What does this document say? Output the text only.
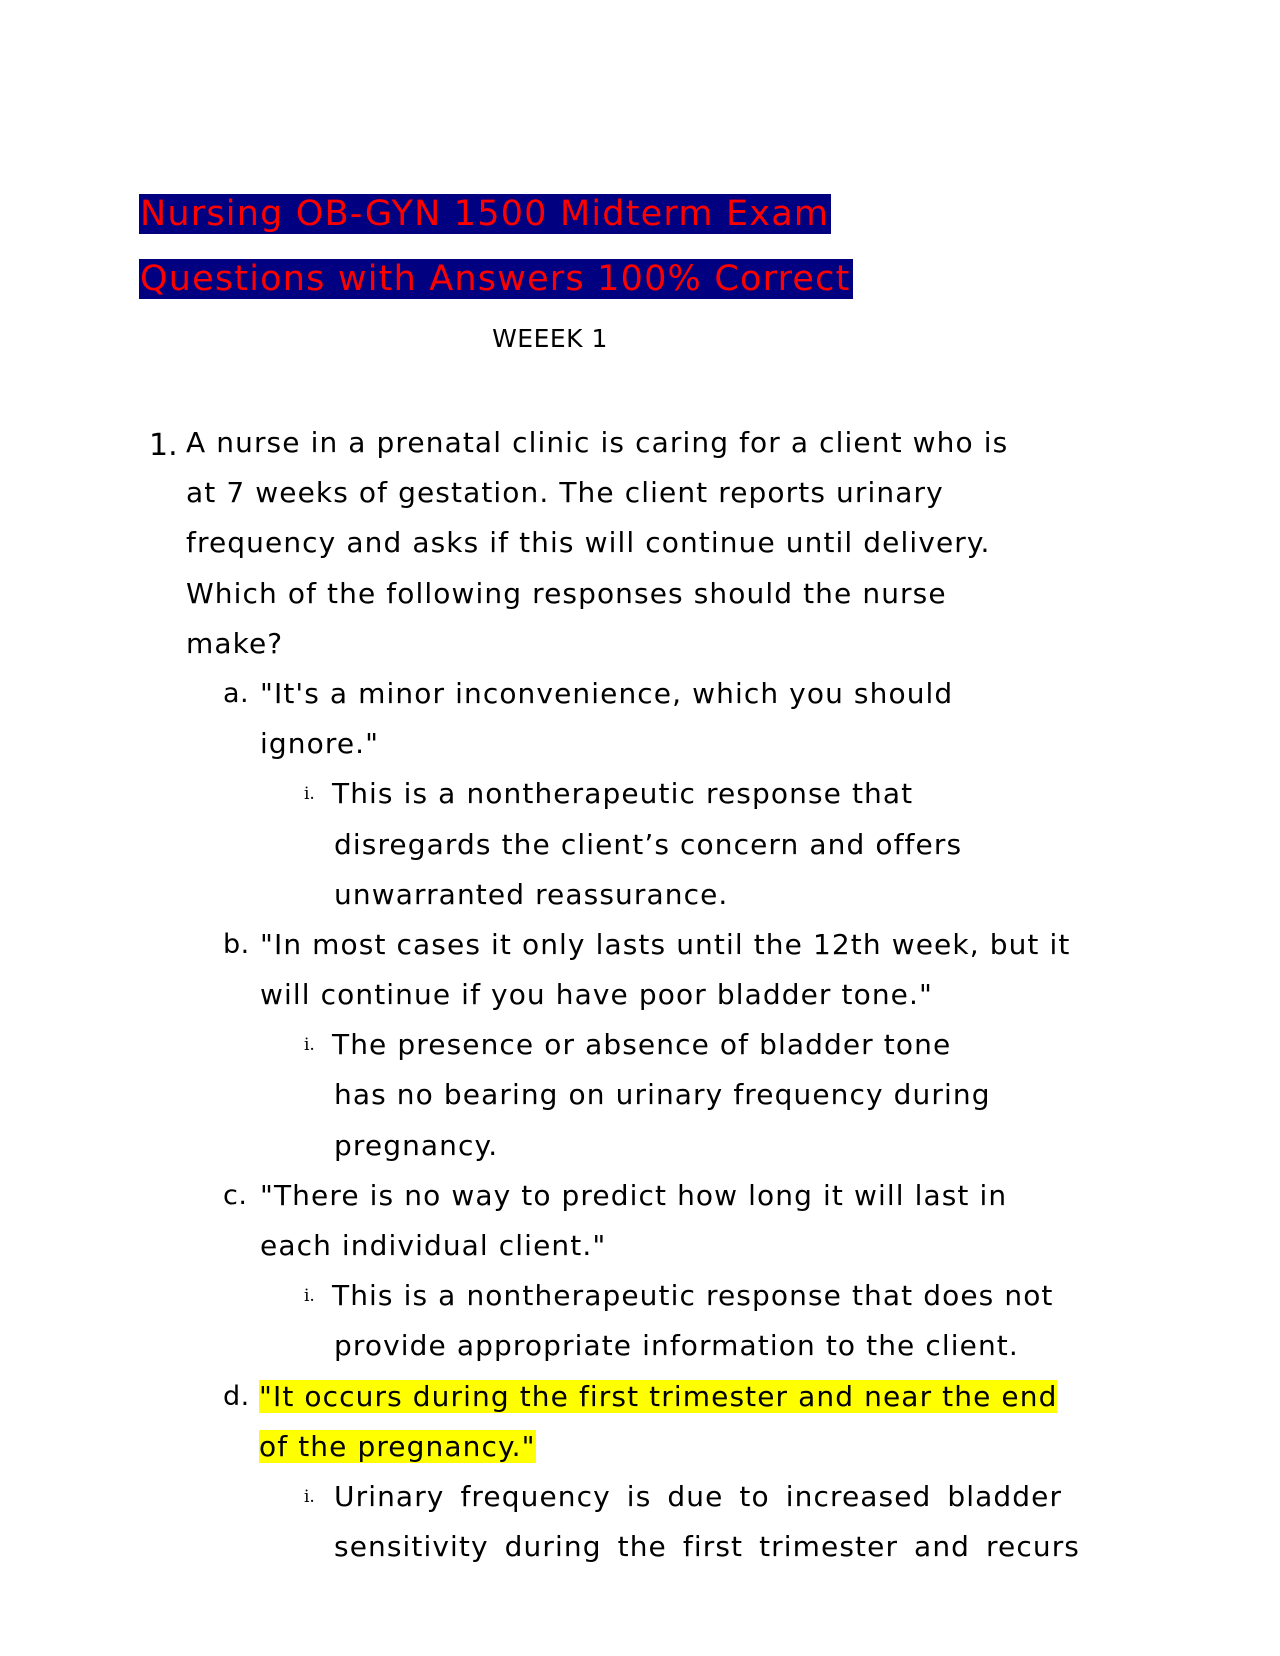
Nursing OB-GYN 1500 Midterm Exam
Questions with Answers 100% Correct
WEEEK 1
1. A nurse in a prenatal clinic is caring for a client who is
at 7 weeks of gestation. The client reports urinary
frequency and asks if this will continue until delivery.
Which of the following responses should the nurse
make?
a. "It's a minor inconvenience, which you should
ignore."
i. This is a nontherapeutic response that
disregards the client’s concern and offers
unwarranted reassurance.
b. "In most cases it only lasts until the 12th week, but it
will continue if you have poor bladder tone."
i. The presence or absence of bladder tone
has no bearing on urinary frequency during
pregnancy.
c. "There is no way to predict how long it will last in
each individual client."
i. This is a nontherapeutic response that does not
provide appropriate information to the client.
d. "It occurs during the first trimester and near the end
of the pregnancy."
i. Urinary frequency is due to increased bladder
sensitivity during the first trimester and recurs
